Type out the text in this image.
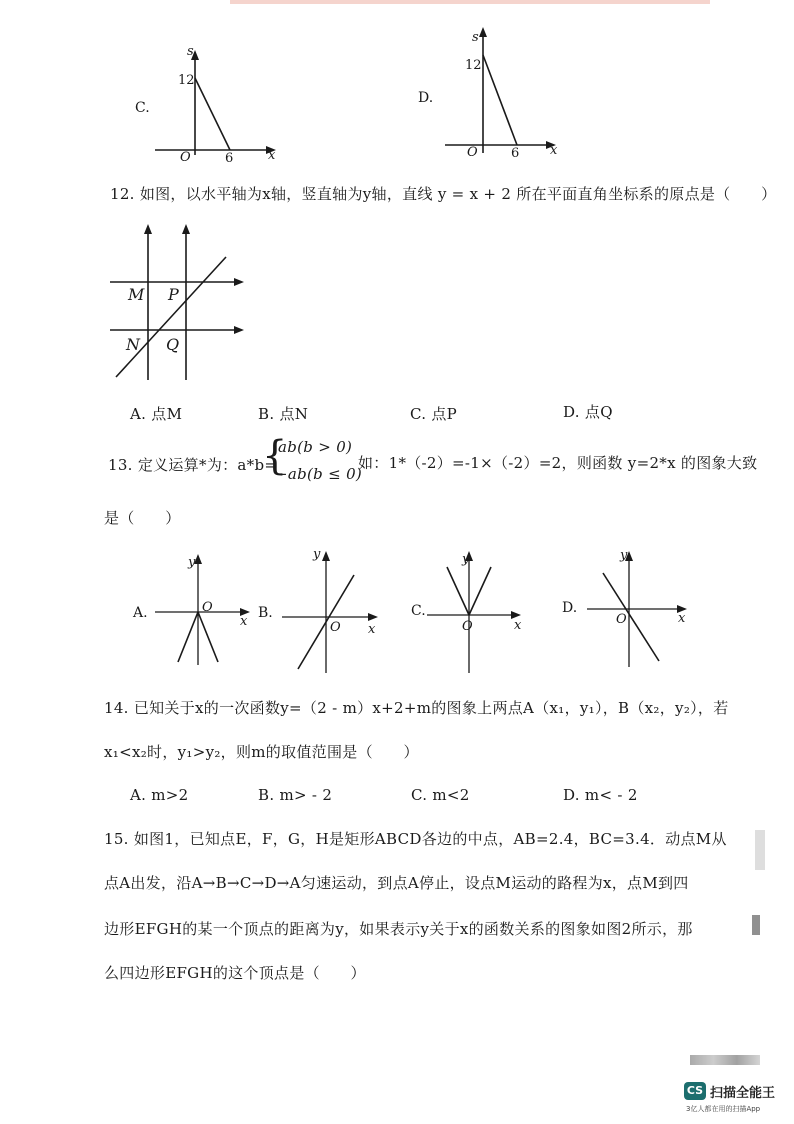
C.
s
12
O	6	x
D.
s
12
O	6 x
12. 如图，以水平轴为x轴，竖直轴为y轴，直线 y = x + 2 所在平面直角坐标系的原点是（　　）
M P
N Q
A. 点M	B. 点N	C. 点P	D. 点Q
13. 定义运算*为：a*b=
{
ab(b > 0)
−ab(b ≤ 0)
如：1*（-2）=-1×（-2）=2，则函数 y=2*x 的图象大致
是（　　）
A.
y
O
x
B.
y
O x
C.
y
O	x
D.
y
O	x
14. 已知关于x的一次函数y=（2 - m）x+2+m的图象上两点A（x₁，y₁），B（x₂，y₂），若
x₁<x₂时，y₁>y₂，则m的取值范围是（　　）
A. m>2	B. m> - 2	C. m<2	D. m< - 2
15. 如图1，已知点E，F，G，H是矩形ABCD各边的中点，AB=2.4，BC=3.4．动点M从
点A出发，沿A→B→C→D→A匀速运动，到点A停止，设点M运动的路程为x，点M到四
边形EFGH的某一个顶点的距离为y，如果表示y关于x的函数关系的图象如图2所示，那
么四边形EFGH的这个顶点是（　　）
CS 扫描全能王
3亿人都在用的扫描App
